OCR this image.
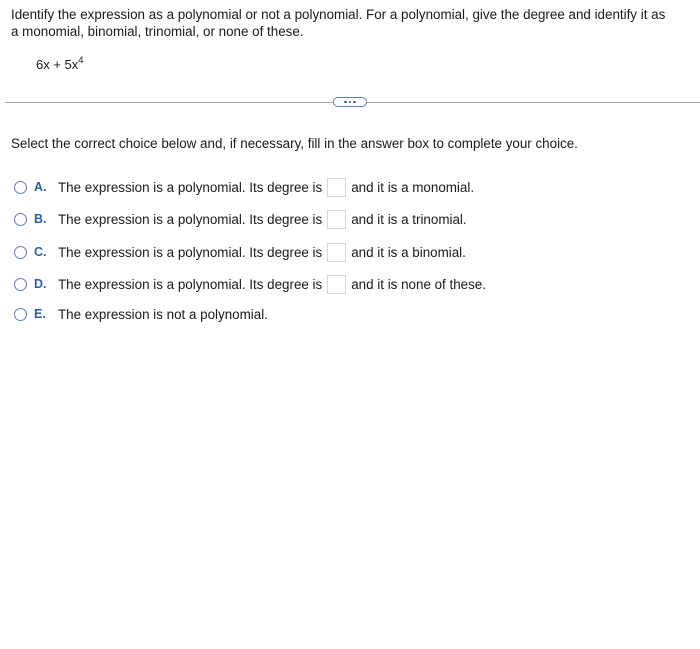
Identify the expression as a polynomial or not a polynomial. For a polynomial, give the degree and identify it as
a monomial, binomial, trinomial, or none of these.
$6x + 5x^4$
Select the correct choice below and, if necessary, fill in the answer box to complete your choice.
A. The expression is a polynomial. Its degree is and it is a monomial.
B. The expression is a polynomial. Its degree is and it is a trinomial.
C. The expression is a polynomial. Its degree is and it is a binomial.
D. The expression is a polynomial. Its degree is and it is none of these.
E. The expression is not a polynomial.
